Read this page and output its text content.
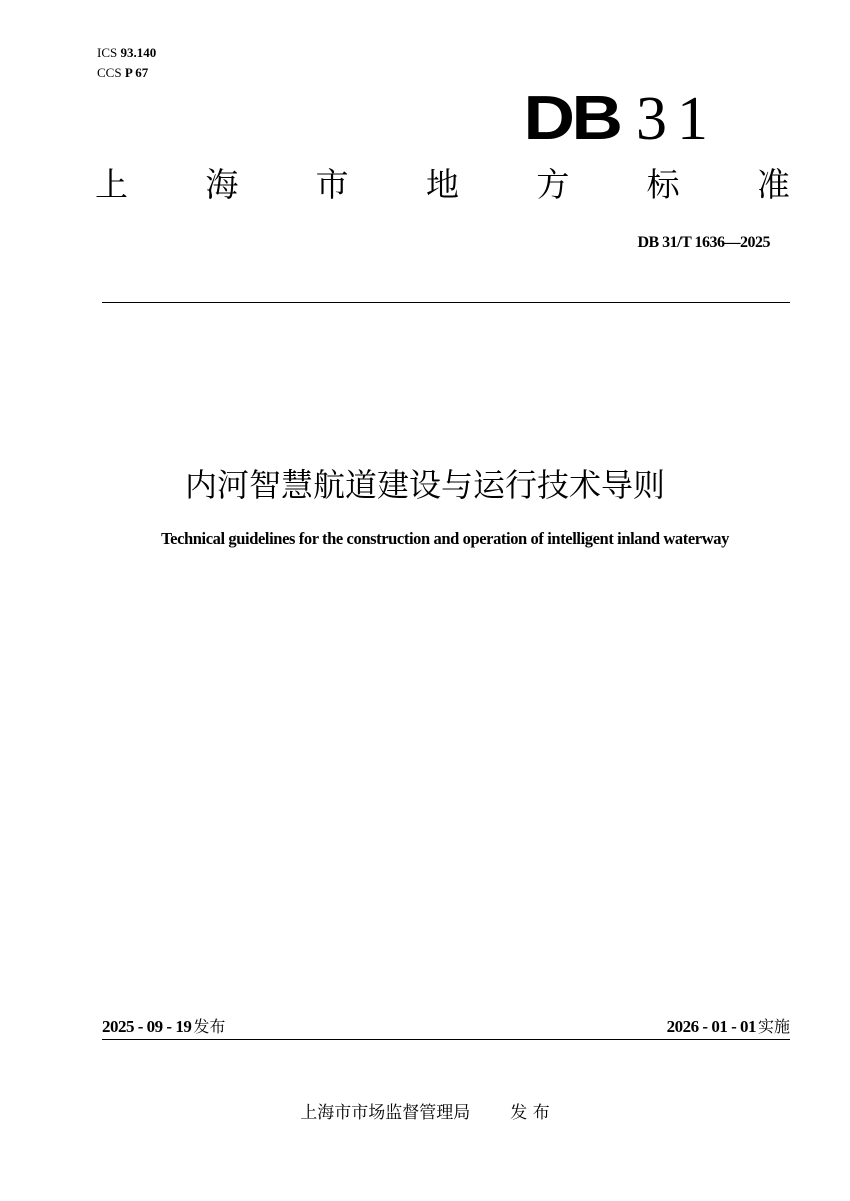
ICS 93.140
CCS P 67
DB 31
上 海 市 地 方 标 准
DB 31/T 1636—2025
内河智慧航道建设与运行技术导则
Technical guidelines for the construction and operation of intelligent inland waterway
2025 - 09 - 19 发布	2026 - 01 - 01 实施
上海市市场监督管理局 发 布
